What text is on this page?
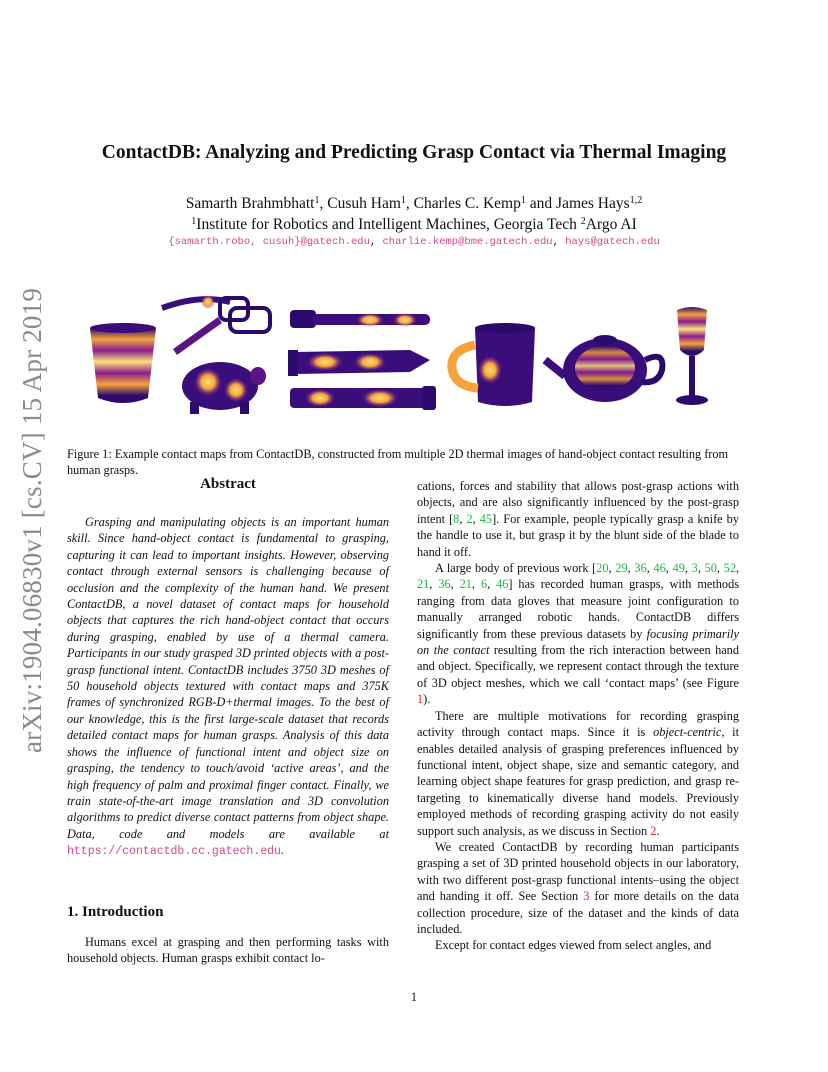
arXiv:1904.06830v1 [cs.CV] 15 Apr 2019
ContactDB: Analyzing and Predicting Grasp Contact via Thermal Imaging
Samarth Brahmbhatt$^1$, Cusuh Ham$^1$, Charles C. Kemp$^1$ and James Hays$^{1,2}$
$^1$Institute for Robotics and Intelligent Machines, Georgia Tech $^2$Argo AI
{samarth.robo, cusuh}@gatech.edu, charlie.kemp@bme.gatech.edu, hays@gatech.edu
Figure 1: Example contact maps from ContactDB, constructed from multiple 2D thermal images of hand-object contact resulting from human grasps.
Abstract

Grasping and manipulating objects is an important human skill. Since hand-object contact is fundamental to grasping, capturing it can lead to important insights. However, observing contact through external sensors is challenging because of occlusion and the complexity of the human hand. We present ContactDB, a novel dataset of contact maps for household objects that captures the rich hand-object contact that occurs during grasping, enabled by use of a thermal camera. Participants in our study grasped 3D printed objects with a post-grasp functional intent. ContactDB includes 3750 3D meshes of 50 household objects textured with contact maps and 375K frames of synchronized RGB-D+thermal images. To the best of our knowledge, this is the first large-scale dataset that records detailed contact maps for human grasps. Analysis of this data shows the influence of functional intent and object size on grasping, the tendency to touch/avoid ‘active areas’, and the high frequency of palm and proximal finger contact. Finally, we train state-of-the-art image translation and 3D convolution algorithms to predict diverse contact patterns from object shape. Data, code and models are available at https://contactdb.cc.gatech.edu.

1. Introduction

Humans excel at grasping and then performing tasks with household objects. Human grasps exhibit contact lo-

cations, forces and stability that allows post-grasp actions with objects, and are also significantly influenced by the post-grasp intent [8, 2, 45]. For example, people typically grasp a knife by the handle to use it, but grasp it by the blunt side of the blade to hand it off.

A large body of previous work [20, 29, 36, 46, 49, 3, 50, 52, 21, 36, 21, 6, 46] has recorded human grasps, with methods ranging from data gloves that measure joint configuration to manually arranged robotic hands. ContactDB differs significantly from these previous datasets by focusing primarily on the contact resulting from the rich interaction between hand and object. Specifically, we represent contact through the texture of 3D object meshes, which we call ‘contact maps’ (see Figure 1).

There are multiple motivations for recording grasping activity through contact maps. Since it is object-centric, it enables detailed analysis of grasping preferences influenced by functional intent, object shape, size and semantic category, and learning object shape features for grasp prediction, and grasp re-targeting to kinematically diverse hand models. Previously employed methods of recording grasping activity do not easily support such analysis, as we discuss in Section 2.

We created ContactDB by recording human participants grasping a set of 3D printed household objects in our laboratory, with two different post-grasp functional intents–using the object and handing it off. See Section 3 for more details on the data collection procedure, size of the dataset and the kinds of data included.

Except for contact edges viewed from select angles, and

1
